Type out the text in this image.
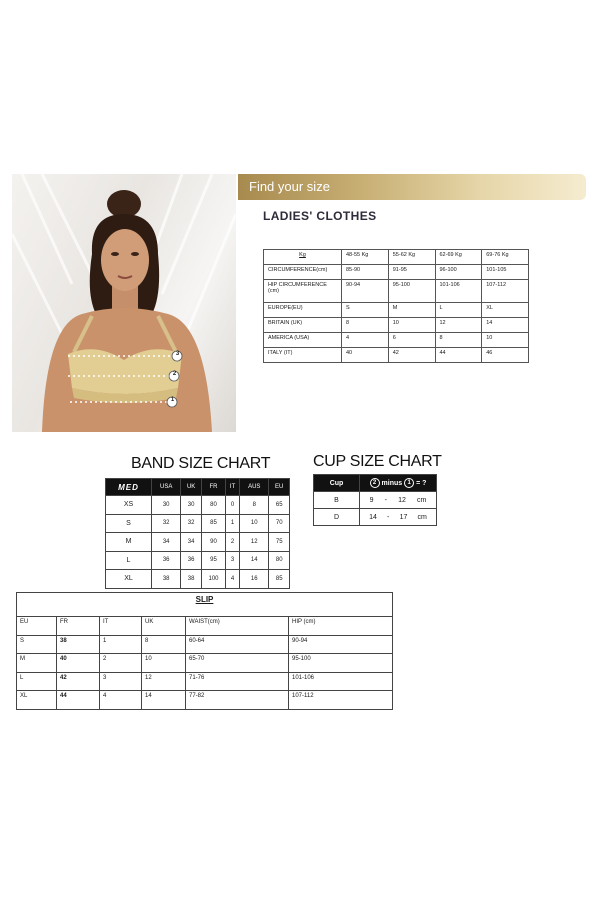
3
2
1
Find your size
LADIES' CLOTHES
Kg	48-55 Kg	55-62 Kg	62-69 Kg	69-76 Kg
CIRCUMFERENCE(cm)	85-90	91-95	96-100	101-105
HIP CIRCUMFERENCE (cm)	90-94	95-100	101-106	107-112
EUROPE(EU)	S	M	L	XL
BRITAIN (UK)	8	10	12	14
AMERICA (USA)	4	6	8	10
ITALY (IT)	40	42	44	46
BAND SIZE CHART
MED	USA	UK	FR	IT	AUS	EU
XS	30	30	80	0	8	65
S	32	32	85	1	10	70
M	34	34	90	2	12	75
L	36	36	95	3	14	80
XL	38	38	100	4	16	85
CUP SIZE CHART
Cup	2 minus 1 = ?
B	9 - 12 cm

D	14 - 17 cm
SLIP					
EU	FR	IT	UK	WAIST(cm)	HIP (cm)
S	38	1	8	60-64	90-94
M	40	2	10	65-70	95-100
L	42	3	12	71-76	101-106
XL	44	4	14	77-82	107-112
